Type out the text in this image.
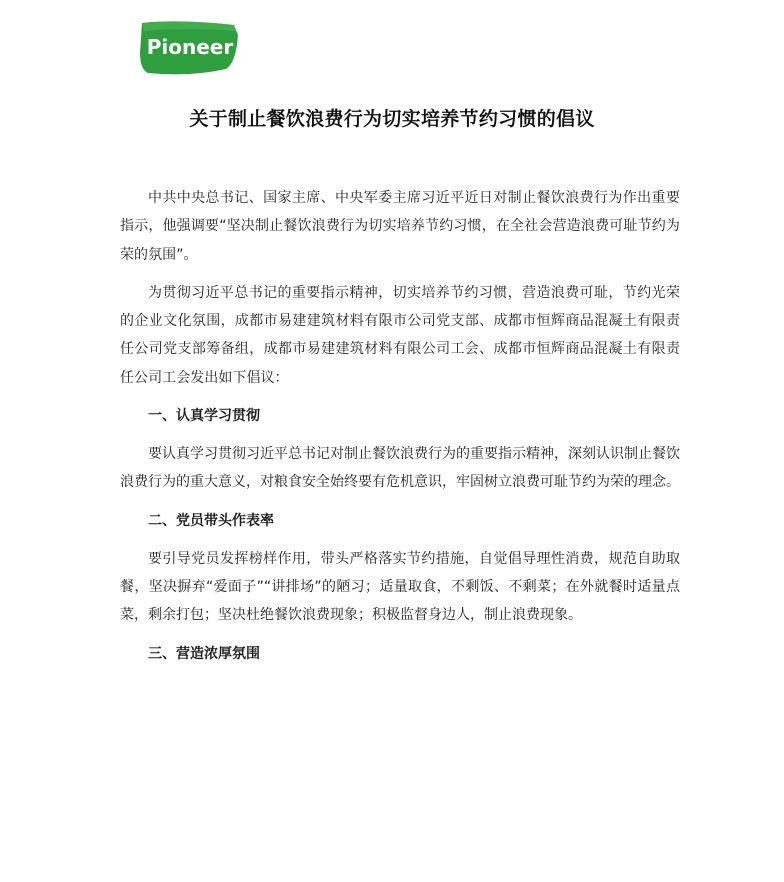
Pioneer
关于制止餐饮浪费行为切实培养节约习惯的倡议

中共中央总书记、国家主席、中央军委主席习近平近日对制止餐饮浪费行为作出重要指示，他强调要“坚决制止餐饮浪费行为切实培养节约习惯，在全社会营造浪费可耻节约为荣的氛围”。

为贯彻习近平总书记的重要指示精神，切实培养节约习惯，营造浪费可耻，节约光荣的企业文化氛围，成都市易建建筑材料有限市公司党支部、成都市恒辉商品混凝土有限责任公司党支部筹备组，成都市易建建筑材料有限公司工会、成都市恒辉商品混凝土有限责任公司工会发出如下倡议：

一、认真学习贯彻

要认真学习贯彻习近平总书记对制止餐饮浪费行为的重要指示精神，深刻认识制止餐饮浪费行为的重大意义，对粮食安全始终要有危机意识，牢固树立浪费可耻节约为荣的理念。

二、党员带头作表率

要引导党员发挥榜样作用，带头严格落实节约措施，自觉倡导理性消费，规范自助取餐，坚决摒弃“爱面子”“讲排场”的陋习；适量取食，不剩饭、不剩菜；在外就餐时适量点菜，剩余打包；坚决杜绝餐饮浪费现象；积极监督身边人，制止浪费现象。

三、营造浓厚氛围
